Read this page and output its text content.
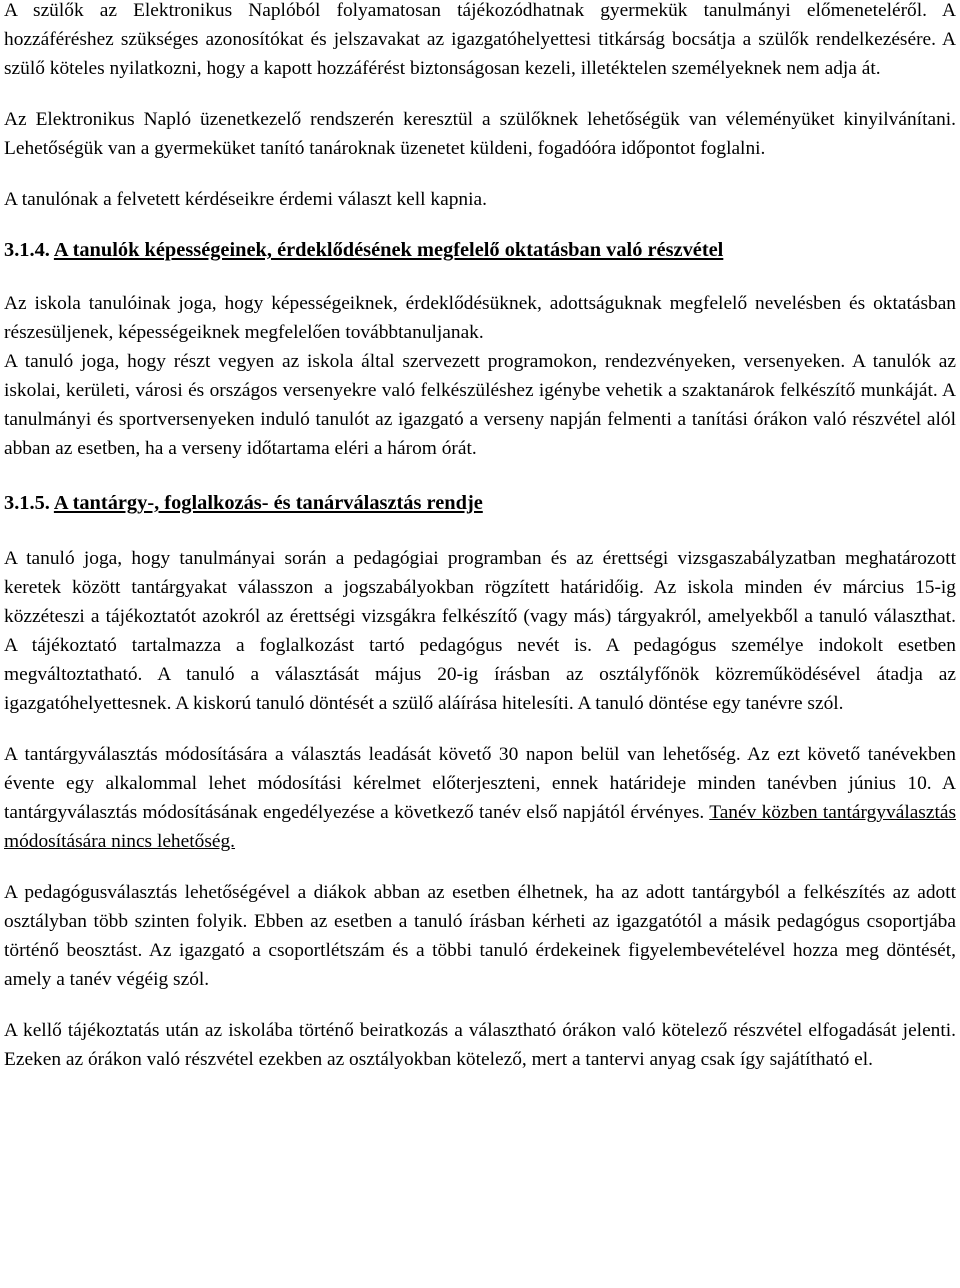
A szülők az Elektronikus Naplóból folyamatosan tájékozódhatnak gyermekük tanulmányi előmeneteléről. A hozzáféréshez szükséges azonosítókat és jelszavakat az igazgatóhelyettesi titkárság bocsátja a szülők rendelkezésére. A szülő köteles nyilatkozni, hogy a kapott hozzáférést biztonságosan kezeli, illetéktelen személyeknek nem adja át.

Az Elektronikus Napló üzenetkezelő rendszerén keresztül a szülőknek lehetőségük van véleményüket kinyilvánítani. Lehetőségük van a gyermeküket tanító tanároknak üzenetet küldeni, fogadóóra időpontot foglalni.

A tanulónak a felvetett kérdéseikre érdemi választ kell kapnia.

3.1.4. A tanulók képességeinek, érdeklődésének megfelelő oktatásban való részvétel

Az iskola tanulóinak joga, hogy képességeiknek, érdeklődésüknek, adottságuknak megfelelő nevelésben és oktatásban részesüljenek, képességeiknek megfelelően továbbtanuljanak.

A tanuló joga, hogy részt vegyen az iskola által szervezett programokon, rendezvényeken, versenyeken. A tanulók az iskolai, kerületi, városi és országos versenyekre való felkészüléshez igénybe vehetik a szaktanárok felkészítő munkáját. A tanulmányi és sportversenyeken induló tanulót az igazgató a verseny napján felmenti a tanítási órákon való részvétel alól abban az esetben, ha a verseny időtartama eléri a három órát.

3.1.5. A tantárgy-, foglalkozás- és tanárválasztás rendje

A tanuló joga, hogy tanulmányai során a pedagógiai programban és az érettségi vizsgaszabályzatban meghatározott keretek között tantárgyakat válasszon a jogszabályokban rögzített határidőig. Az iskola minden év március 15-ig közzéteszi a tájékoztatót azokról az érettségi vizsgákra felkészítő (vagy más) tárgyakról, amelyekből a tanuló választhat. A tájékoztató tartalmazza a foglalkozást tartó pedagógus nevét is. A pedagógus személye indokolt esetben megváltoztatható. A tanuló a választását május 20-ig írásban az osztályfőnök közreműködésével átadja az igazgatóhelyettesnek. A kiskorú tanuló döntését a szülő aláírása hitelesíti. A tanuló döntése egy tanévre szól.

A tantárgyválasztás módosítására a választás leadását követő 30 napon belül van lehetőség. Az ezt követő tanévekben évente egy alkalommal lehet módosítási kérelmet előterjeszteni, ennek határideje minden tanévben június 10. A tantárgyválasztás módosításának engedélyezése a következő tanév első napjától érvényes. Tanév közben tantárgyválasztás módosítására nincs lehetőség.

A pedagógusválasztás lehetőségével a diákok abban az esetben élhetnek, ha az adott tantárgyból a felkészítés az adott osztályban több szinten folyik. Ebben az esetben a tanuló írásban kérheti az igazgatótól a másik pedagógus csoportjába történő beosztást. Az igazgató a csoportlétszám és a többi tanuló érdekeinek figyelembevételével hozza meg döntését, amely a tanév végéig szól.

A kellő tájékoztatás után az iskolába történő beiratkozás a választható órákon való kötelező részvétel elfogadását jelenti. Ezeken az órákon való részvétel ezekben az osztályokban kötelező, mert a tantervi anyag csak így sajátítható el.
